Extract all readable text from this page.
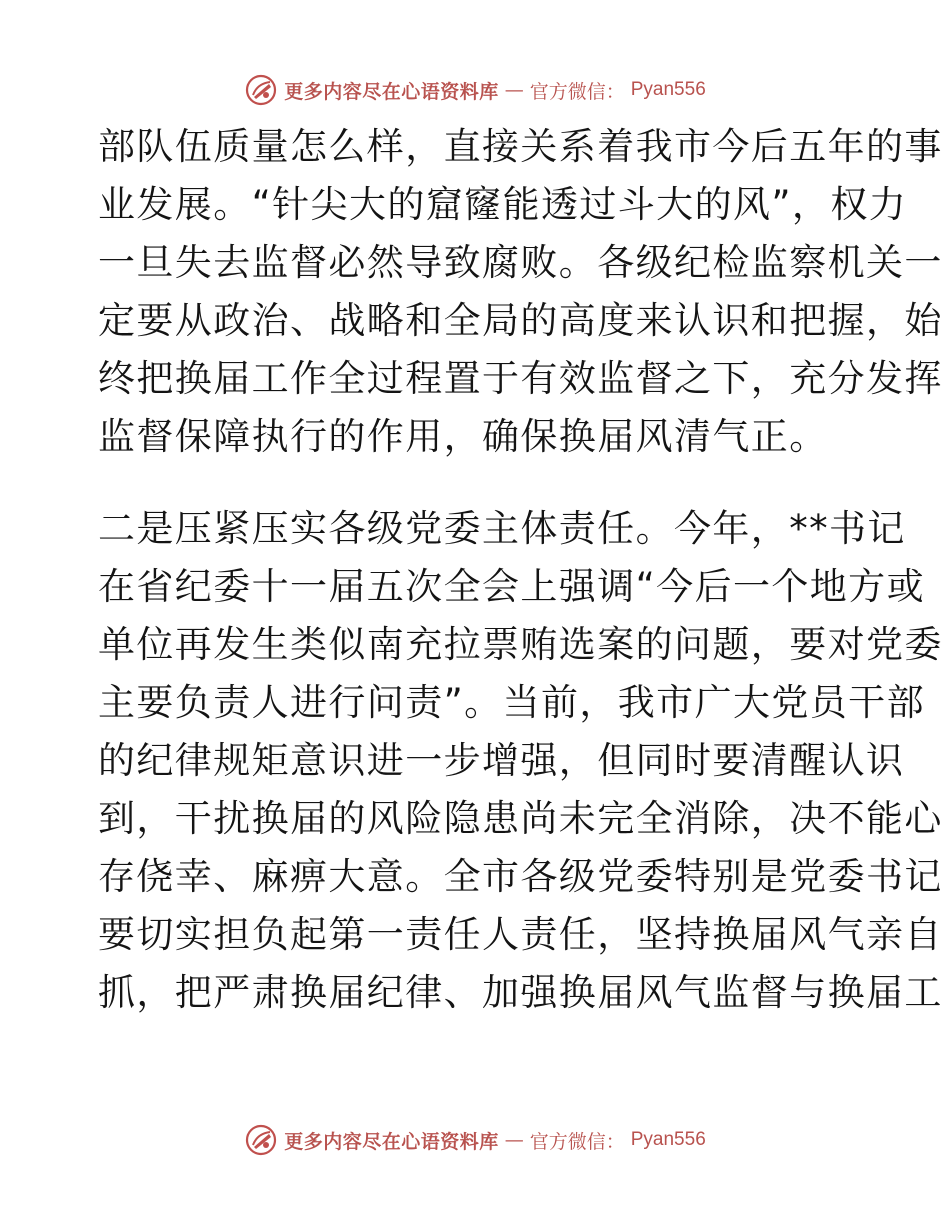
更多内容尽在心语资料库 — 官方微信： Pyan556
部队伍质量怎么样，直接关系着我市今后五年的事
业发展。“针尖大的窟窿能透过斗大的风”，权力
一旦失去监督必然导致腐败。各级纪检监察机关一
定要从政治、战略和全局的高度来认识和把握，始
终把换届工作全过程置于有效监督之下，充分发挥
监督保障执行的作用，确保换届风清气正。
二是压紧压实各级党委主体责任。今年，**书记
在省纪委十一届五次全会上强调“今后一个地方或
单位再发生类似南充拉票贿选案的问题，要对党委
主要负责人进行问责”。当前，我市广大党员干部
的纪律规矩意识进一步增强，但同时要清醒认识
到，干扰换届的风险隐患尚未完全消除，决不能心
存侥幸、麻痹大意。全市各级党委特别是党委书记
要切实担负起第一责任人责任，坚持换届风气亲自
抓，把严肃换届纪律、加强换届风气监督与换届工
更多内容尽在心语资料库 — 官方微信： Pyan556
